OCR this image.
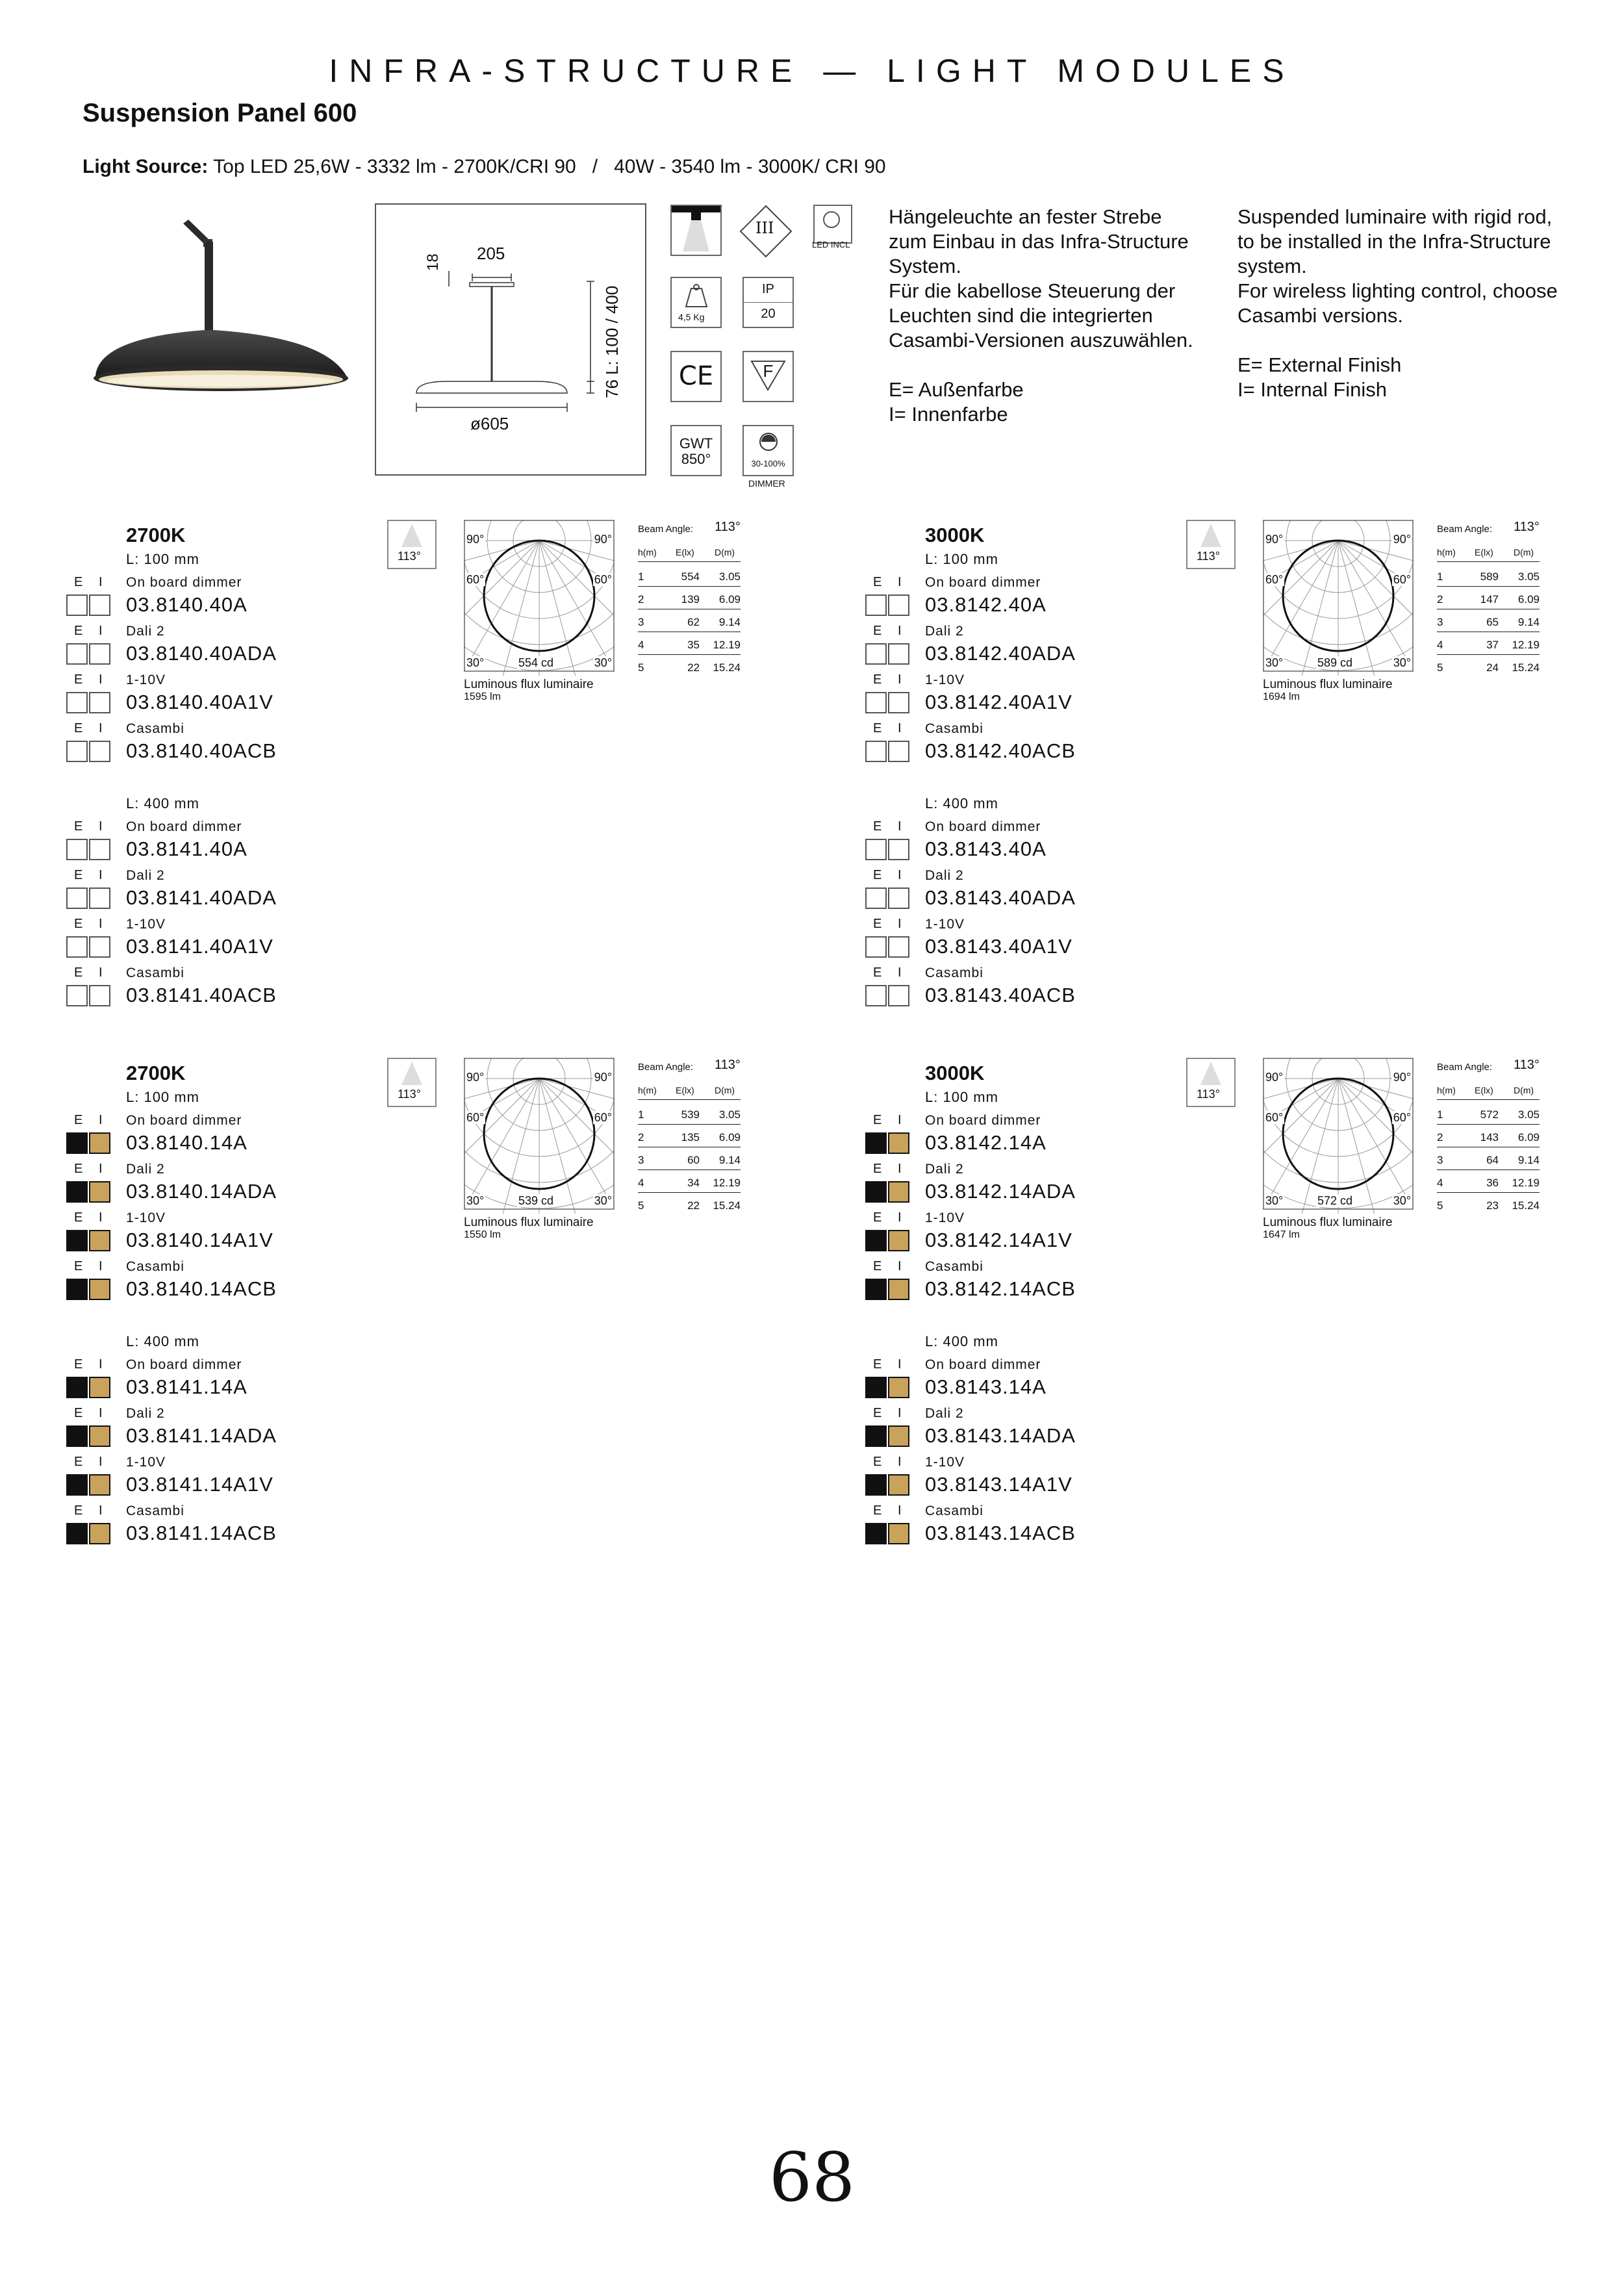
INFRA-STRUCTURE — LIGHT MODULES
Suspension Panel 600
Light Source: Top LED 25,6W - 3332 lm - 2700K/CRI 90   /   40W - 3540 lm - 3000K/ CRI 90
205
18
L: 100 / 400
76
ø605
III
LED INCL
4,5 Kg
IP
20
CE	F
GWT
850°	30-100%
DIMMER
Hängeleuchte an fester Strebe
zum Einbau in das Infra-Structure
System.
Für die kabellose Steuerung der
Leuchten sind die integrierten
Casambi-Versionen auszuwählen.

E= Außenfarbe
I= Innenfarbe
Suspended luminaire with rigid rod,
to be installed in the Infra-Structure
system.
For wireless lighting control, choose
Casambi versions.

E= External Finish
I= Internal Finish
2700K
L: 100 mm
E I On board dimmer
03.8140.40A
E I Dali 2
03.8140.40ADA
E I 1-10V
03.8140.40A1V
E I Casambi
03.8140.40ACB
L: 400 mm
E I On board dimmer
03.8141.40A
E I Dali 2
03.8141.40ADA
E I 1-10V
03.8141.40A1V
E I Casambi
03.8141.40ACB
113°
90°	90°
60°	60°
30°	30°
554 cd
Luminous flux luminaire
1595 lm
Beam Angle: 113°
h(m) E(lx) D(m)
1	554	3.05
2	139	6.09
3	62	9.14
4	35	12.19
5	22	15.24
3000K
L: 100 mm
E I On board dimmer
03.8142.40A
E I Dali 2
03.8142.40ADA
E I 1-10V
03.8142.40A1V
E I Casambi
03.8142.40ACB
L: 400 mm
E I On board dimmer
03.8143.40A
E I Dali 2
03.8143.40ADA
E I 1-10V
03.8143.40A1V
E I Casambi
03.8143.40ACB
113°
90°	90°
60°	60°
30°	30°
589 cd
Luminous flux luminaire
1694 lm
Beam Angle: 113°
h(m) E(lx) D(m)
1	589	3.05
2	147	6.09
3	65	9.14
4	37	12.19
5	24	15.24
2700K
L: 100 mm
E I On board dimmer
03.8140.14A
E I Dali 2
03.8140.14ADA
E I 1-10V
03.8140.14A1V
E I Casambi
03.8140.14ACB
L: 400 mm
E I On board dimmer
03.8141.14A
E I Dali 2
03.8141.14ADA
E I 1-10V
03.8141.14A1V
E I Casambi
03.8141.14ACB
113°
90°	90°
60°	60°
30°	30°
539 cd
Luminous flux luminaire
1550 lm
Beam Angle: 113°
h(m) E(lx) D(m)
1	539	3.05
2	135	6.09
3	60	9.14
4	34	12.19
5	22	15.24
3000K
L: 100 mm
E I On board dimmer
03.8142.14A
E I Dali 2
03.8142.14ADA
E I 1-10V
03.8142.14A1V
E I Casambi
03.8142.14ACB
L: 400 mm
E I On board dimmer
03.8143.14A
E I Dali 2
03.8143.14ADA
E I 1-10V
03.8143.14A1V
E I Casambi
03.8143.14ACB
113°
90°	90°
60°	60°
30°	30°
572 cd
Luminous flux luminaire
1647 lm
Beam Angle: 113°
h(m) E(lx) D(m)
1	572	3.05
2	143	6.09
3	64	9.14
4	36	12.19
5	23	15.24
68
